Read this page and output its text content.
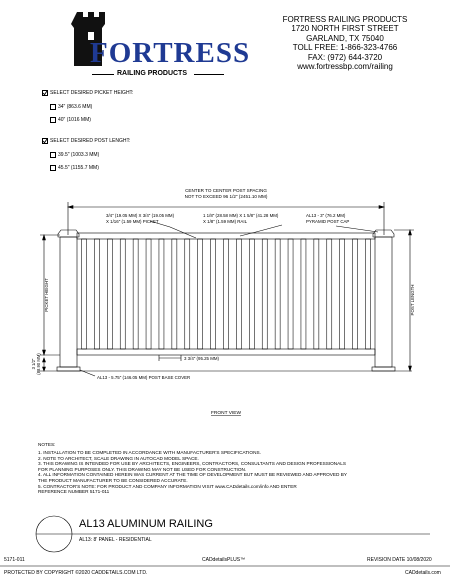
FORTRESS
RAILING PRODUCTS
FORTRESS RAILING PRODUCTS
1720 NORTH FIRST STREET
GARLAND, TX 75040
TOLL FREE: 1-866-323-4766
FAX: (972) 644-3720
www.fortressbp.com/railing
SELECT DESIRED PICKET HEIGHT:
34" (863.6 MM)
40" (1016 MM)
SELECT DESIRED POST LENGHT:
39.5" (1003.3 MM)
45.5" (1155.7 MM)
CENTER TO CENTER POST SPACING
NOT TO EXCEED 96 1/2" (2451.10 MM)
3/4" (19.05 MM) X 3/4" (19.05 MM)
X 1/16" (1.59 MM) PICKET
1 1/8" (28.58 MM) X 1 5/8" (41.28 MM)
X 1/8" (1.59 MM) RAIL
AL13 - 3" (76.2 MM)
PYRAMID POST CAP
PICKET HEIGHT	POST LENGTH
3 3/4" (95.25 MM)
AL13 - 5.75" (146.05 MM) POST BASE COVER
3 1/2" (88.90 MM)
FRONT VIEW
NOTES:
1. INSTALLATION TO BE COMPLETED IN ACCORDANCE WITH MANUFACTURER'S SPECIFICATIONS.
2. NOTE TO ARCHITECT, SCALE DRAWING IN AUTOCAD MODEL SPACE.
3. THIS DRAWING IS INTENDED FOR USE BY ARCHITECTS, ENGINEERS, CONTRACTORS, CONSULTANTS AND DESIGN PROFESSIONALS
FOR PLANNING PURPOSES ONLY. THIS DRAWING MAY NOT BE USED FOR CONSTRUCTION.
4. ALL INFORMATION CONTAINED HEREIN WAS CURRENT AT THE TIME OF DEVELOPMENT BUT MUST BE REVIEWED AND APPROVED BY
THE PRODUCT MANUFACTURER TO BE CONSIDERED ACCURATE.
5. CONTRACTOR'S NOTE: FOR PRODUCT AND COMPANY INFORMATION VISIT www.CADdetails.com/info AND ENTER
REFERENCE NUMBER 5171-011
AL13 ALUMINUM RAILING
AL13: 8' PANEL - RESIDENTIAL
5171-011	CADdetailsPLUS™	REVISION DATE 10/08/2020
PROTECTED BY COPYRIGHT ©2020 CADDETAILS.COM LTD.	CADdetails.com
